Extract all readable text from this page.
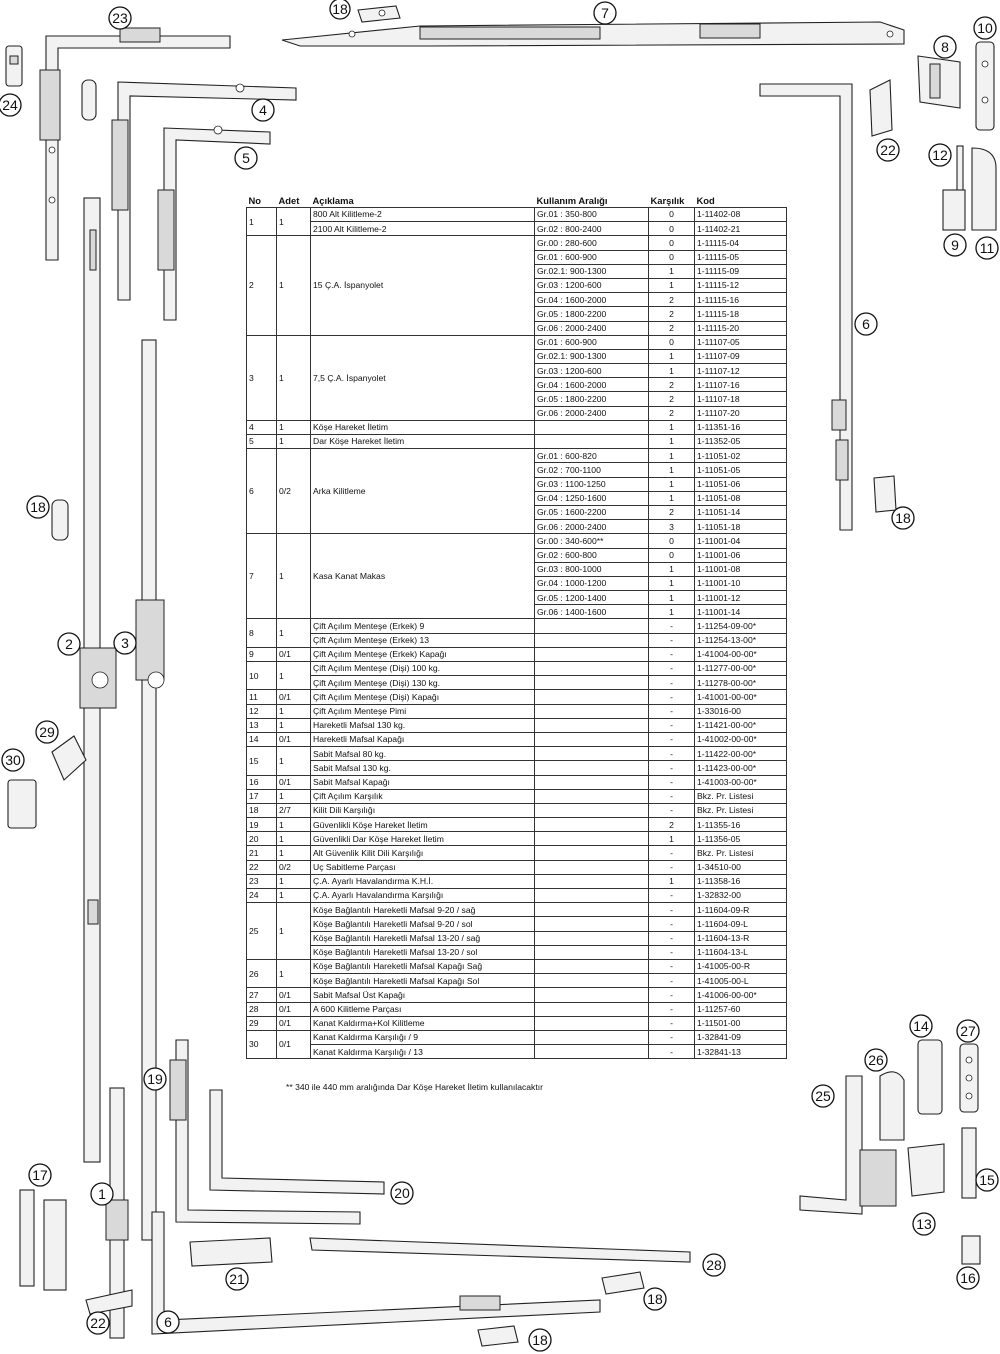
7
18
23
24	4
5
8
10
22	12
9 11
6
18
18
2	3
29
30
19
17
1	20
21
22	6
28
18
18
25
26
14 27
15
13
16
No	Adet	Açıklama	Kullanım Aralığı	Karşılık	Kod
1	1	800 Alt Kilitleme-2	Gr.01 : 350-800	0	1-11402-08
		2100 Alt Kilitleme-2	Gr.02 : 800-2400	0	1-11402-21
2	1	15 Ç.A. İspanyolet	Gr.00 : 280-600	0	1-11115-04
			Gr.01 : 600-900	0	1-11115-05
			Gr.02.1: 900-1300	1	1-11115-09
			Gr.03 : 1200-600	1	1-11115-12
			Gr.04 : 1600-2000	2	1-11115-16
			Gr.05 : 1800-2200	2	1-11115-18
			Gr.06 : 2000-2400	2	1-11115-20
3	1	7,5 Ç.A. İspanyolet	Gr.01 : 600-900	0	1-11107-05
			Gr.02.1: 900-1300	1	1-11107-09
			Gr.03 : 1200-600	1	1-11107-12
			Gr.04 : 1600-2000	2	1-11107-16
			Gr.05 : 1800-2200	2	1-11107-18
			Gr.06 : 2000-2400	2	1-11107-20
4	1	Köşe Hareket İletim		1	1-11351-16
5	1	Dar Köşe Hareket İletim		1	1-11352-05
6	0/2	Arka Kilitleme	Gr.01 : 600-820	1	1-11051-02
			Gr.02 : 700-1100	1	1-11051-05
			Gr.03 : 1100-1250	1	1-11051-06
			Gr.04 : 1250-1600	1	1-11051-08
			Gr.05 : 1600-2200	2	1-11051-14
			Gr.06 : 2000-2400	3	1-11051-18
7	1	Kasa Kanat Makas	Gr.00 : 340-600**	0	1-11001-04
			Gr.02 : 600-800	0	1-11001-06
			Gr.03 : 800-1000	1	1-11001-08
			Gr.04 : 1000-1200	1	1-11001-10
			Gr.05 : 1200-1400	1	1-11001-12
			Gr.06 : 1400-1600	1	1-11001-14
8	1	Çift Açılım Menteşe (Erkek) 9		-	1-11254-09-00*
		Çift Açılım Menteşe (Erkek) 13		-	1-11254-13-00*
9	0/1	Çift Açılım Menteşe (Erkek) Kapağı		-	1-41004-00-00*
10	1	Çift Açılım Menteşe (Dişi) 100 kg.		-	1-11277-00-00*
		Çift Açılım Menteşe (Dişi) 130 kg.		-	1-11278-00-00*
11	0/1	Çift Açılım Menteşe (Dişi) Kapağı		-	1-41001-00-00*
12	1	Çift Açılım Menteşe Pimi		-	1-33016-00
13	1	Hareketli Mafsal 130 kg.		-	1-11421-00-00*
14	0/1	Hareketli Mafsal Kapağı		-	1-41002-00-00*
15	1	Sabit Mafsal 80 kg.		-	1-11422-00-00*
		Sabit Mafsal 130 kg.		-	1-11423-00-00*
16	0/1	Sabit Mafsal Kapağı		-	1-41003-00-00*
17	1	Çift Açılım Karşılık		-	Bkz. Pr. Listesi
18	2/7	Kilit Dili Karşılığı		-	Bkz. Pr. Listesi
19	1	Güvenlikli Köşe Hareket İletim		2	1-11355-16
20	1	Güvenlikli Dar Köşe Hareket İletim		1	1-11356-05
21	1	Alt Güvenlik Kilit Dili Karşılığı		-	Bkz. Pr. Listesi
22	0/2	Uç Sabitleme Parçası		-	1-34510-00
23	1	Ç.A. Ayarlı Havalandırma K.H.İ.		1	1-11358-16
24	1	Ç.A. Ayarlı Havalandırma Karşılığı		-	1-32832-00
25	1	Köşe Bağlantılı Hareketli Mafsal 9-20 / sağ		-	1-11604-09-R
		Köşe Bağlantılı Hareketli Mafsal 9-20 / sol		-	1-11604-09-L
		Köşe Bağlantılı Hareketli Mafsal 13-20 / sağ		-	1-11604-13-R
		Köşe Bağlantılı Hareketli Mafsal 13-20 / sol		-	1-11604-13-L
26	1	Köşe Bağlantılı Hareketli Mafsal Kapağı Sağ		-	1-41005-00-R
		Köşe Bağlantılı Hareketli Mafsal Kapağı Sol		-	1-41005-00-L
27	0/1	Sabit Mafsal Üst Kapağı		-	1-41006-00-00*
28	0/1	A 600 Kilitleme Parçası		-	1-11257-60
29	0/1	Kanat Kaldırma+Kol Kilitleme		-	1-11501-00
30	0/1	Kanat Kaldırma Karşılığı / 9		-	1-32841-09
		Kanat Kaldırma Karşılığı / 13		-	1-32841-13
** 340 ile 440 mm aralığında Dar Köşe Hareket İletim kullanılacaktır
